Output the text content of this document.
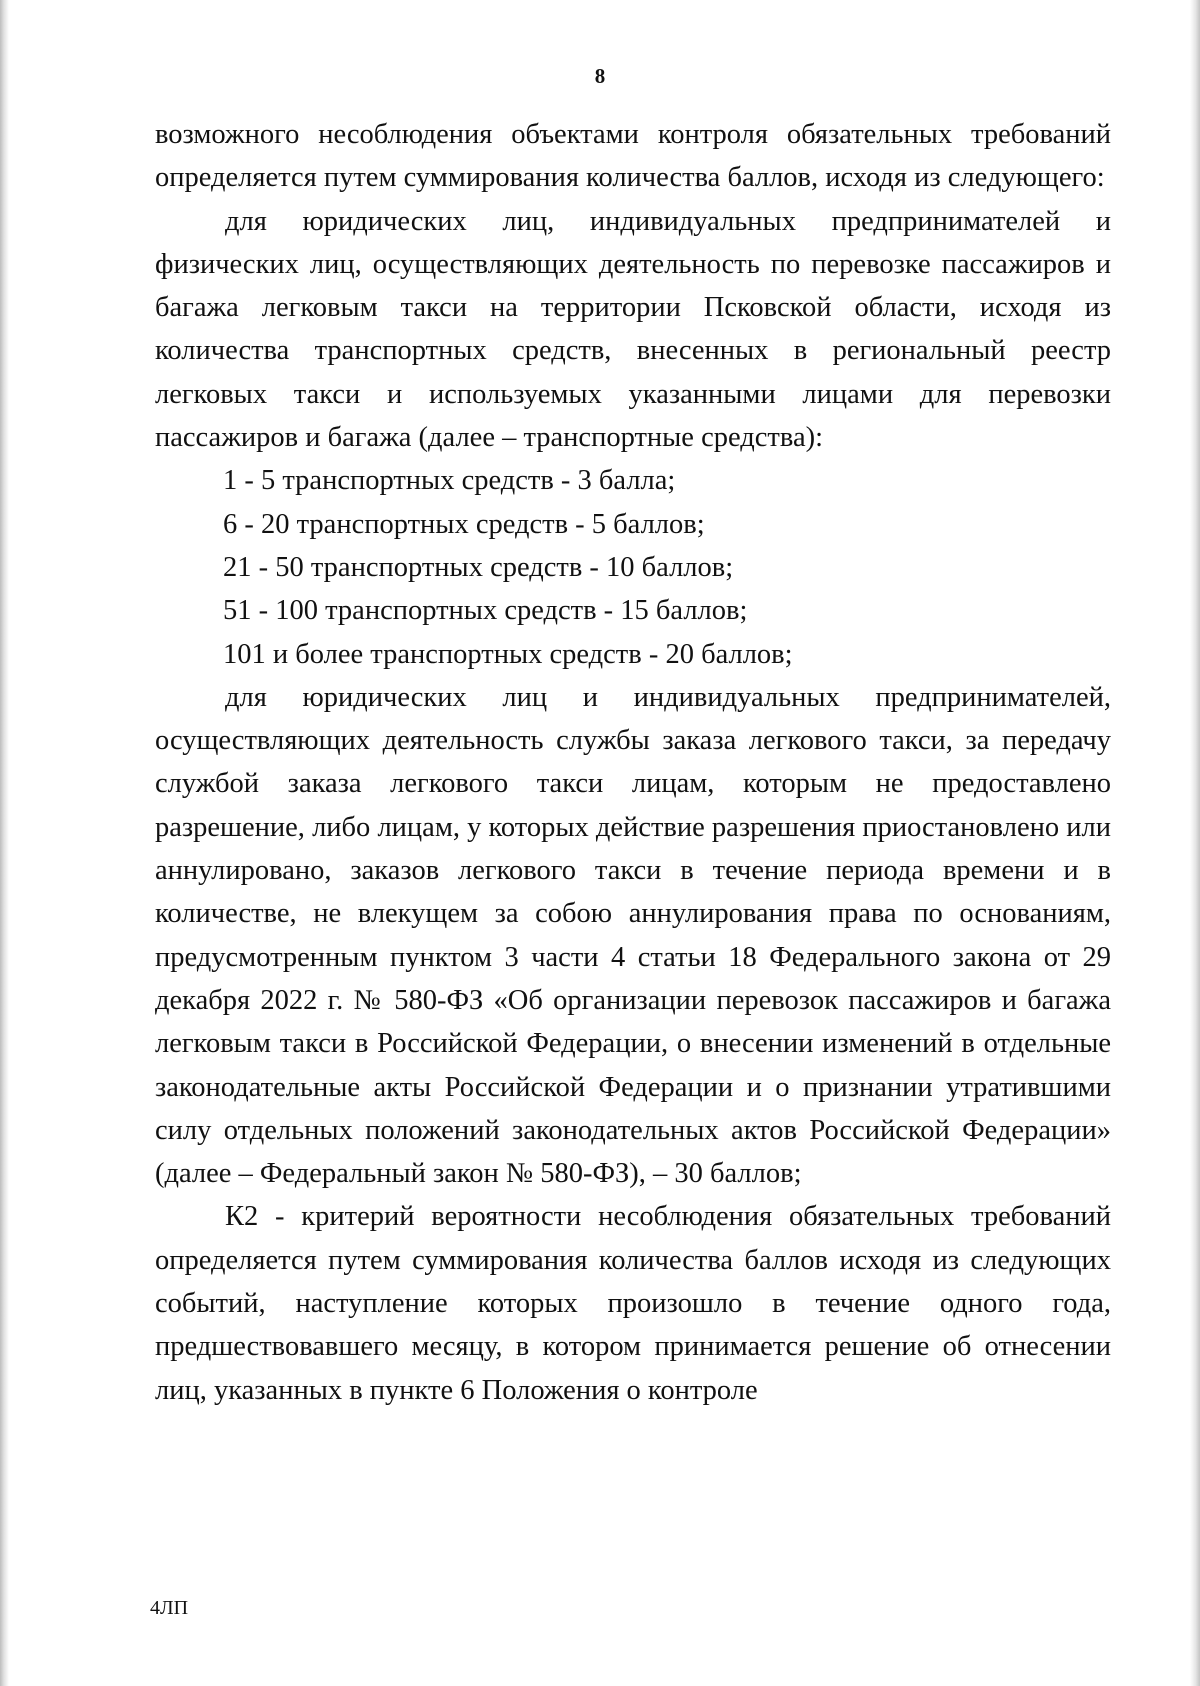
8

возможного несоблюдения объектами контроля обязательных требований определяется путем суммирования количества баллов, исходя из следующего:

для юридических лиц, индивидуальных предпринимателей и физических лиц, осуществляющих деятельность по перевозке пассажиров и багажа легковым такси на территории Псковской области, исходя из количества транспортных средств, внесенных в региональный реестр легковых такси и используемых указанными лицами для перевозки пассажиров и багажа (далее – транспортные средства):

1 - 5 транспортных средств - 3 балла;

6 - 20 транспортных средств - 5 баллов;

21 - 50 транспортных средств - 10 баллов;

51 - 100 транспортных средств - 15 баллов;

101 и более транспортных средств - 20 баллов;

для юридических лиц и индивидуальных предпринимателей, осуществляющих деятельность службы заказа легкового такси, за передачу службой заказа легкового такси лицам, которым не предоставлено разрешение, либо лицам, у которых действие разрешения приостановлено или аннулировано, заказов легкового такси в течение периода времени и в количестве, не влекущем за собою аннулирования права по основаниям, предусмотренным пунктом 3 части 4 статьи 18 Федерального закона от 29 декабря 2022 г. № 580-ФЗ «Об организации перевозок пассажиров и багажа легковым такси в Российской Федерации, о внесении изменений в отдельные законодательные акты Российской Федерации и о признании утратившими силу отдельных положений законодательных актов Российской Федерации» (далее – Федеральный закон № 580-ФЗ), – 30 баллов;

К2 - критерий вероятности несоблюдения обязательных требований определяется путем суммирования количества баллов исходя из следующих событий, наступление которых произошло в течение одного года, предшествовавшего месяцу, в котором принимается решение об отнесении лиц, указанных в пункте 6 Положения о контроле

4ЛП
